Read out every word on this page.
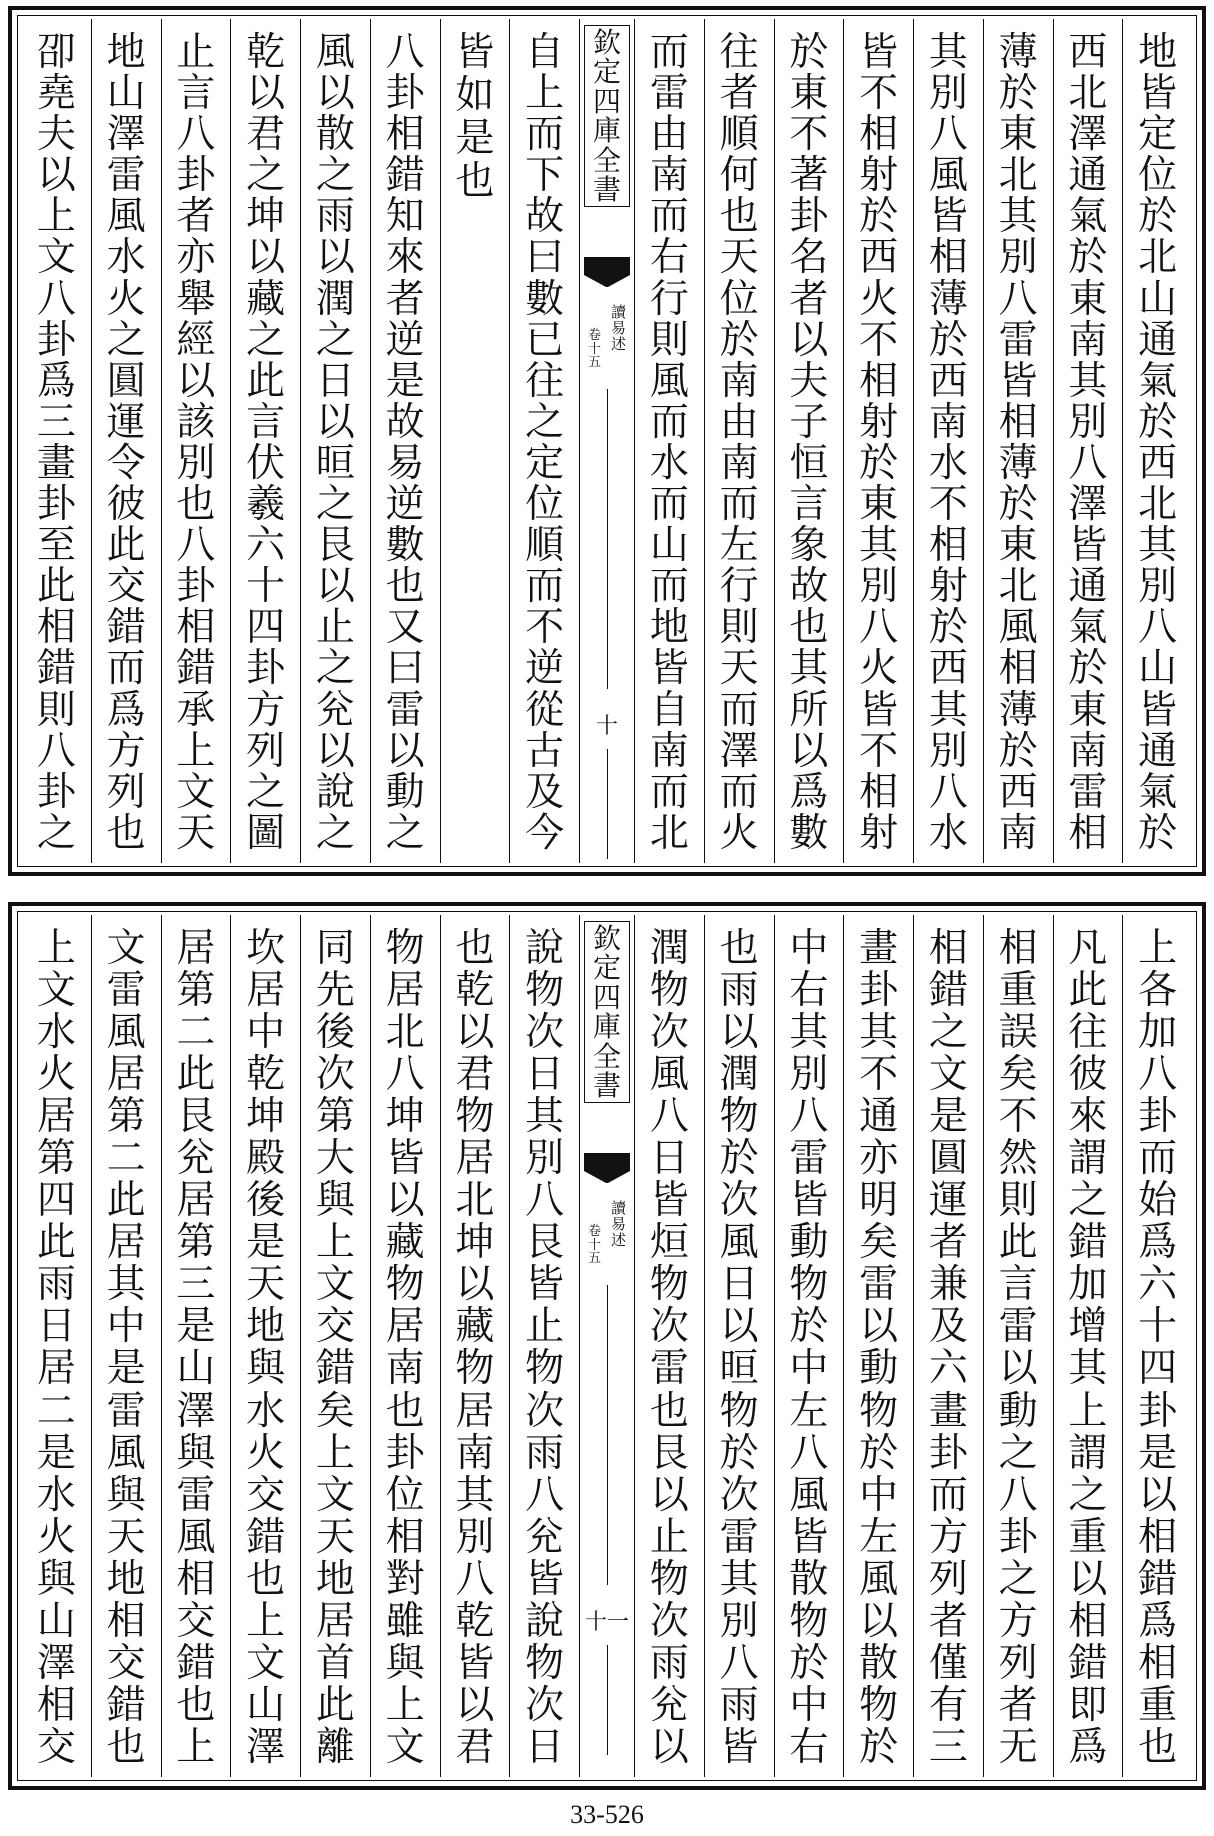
地
皆
定
位
於
北
山
通
氣
於
西
北
其
別
八
山
皆
通
氣
於
西
北
澤
通
氣
於
東
南
其
別
八
澤
皆
通
氣
於
東
南
雷
相
薄
於
東
北
其
別
八
雷
皆
相
薄
於
東
北
風
相
薄
於
西
南
其
別
八
風
皆
相
薄
於
西
南
水
不
相
射
於
西
其
別
八
水
皆
不
相
射
於
西
火
不
相
射
於
東
其
別
八
火
皆
不
相
射
於
東
不
著
卦
名
者
以
夫
子
恒
言
象
故
也
其
所
以
爲
數
往
者
順
何
也
天
位
於
南
由
南
而
左
行
則
天
而
澤
而
火
而
雷
由
南
而
右
行
則
風
而
水
而
山
而
地
皆
自
南
而
北
欽
定
四
庫
全
書
讀
易
述
卷
十
五
十
自
上
而
下
故
曰
數
已
往
之
定
位
順
而
不
逆
從
古
及
今
皆
如
是
也
八
卦
相
錯
知
來
者
逆
是
故
易
逆
數
也
又
曰
雷
以
動
之
風
以
散
之
雨
以
潤
之
日
以
晅
之
艮
以
止
之
兊
以
說
之
乾
以
君
之
坤
以
藏
之
此
言
伏
羲
六
十
四
卦
方
列
之
圖
止
言
八
卦
者
亦
舉
經
以
該
別
也
八
卦
相
錯
承
上
文
天
地
山
澤
雷
風
水
火
之
圓
運
令
彼
此
交
錯
而
爲
方
列
也
卲
堯
夫
以
上
文
八
卦
爲
三
畫
卦
至
此
相
錯
則
八
卦
之
上
各
加
八
卦
而
始
爲
六
十
四
卦
是
以
相
錯
爲
相
重
也
凡
此
往
彼
來
謂
之
錯
加
增
其
上
謂
之
重
以
相
錯
即
爲
相
重
誤
矣
不
然
則
此
言
雷
以
動
之
八
卦
之
方
列
者
无
相
錯
之
文
是
圓
運
者
兼
及
六
畫
卦
而
方
列
者
僅
有
三
畫
卦
其
不
通
亦
明
矣
雷
以
動
物
於
中
左
風
以
散
物
於
中
右
其
別
八
雷
皆
動
物
於
中
左
八
風
皆
散
物
於
中
右
也
雨
以
潤
物
於
次
風
日
以
晅
物
於
次
雷
其
別
八
雨
皆
潤
物
次
風
八
日
皆
烜
物
次
雷
也
艮
以
止
物
次
雨
兊
以
欽
定
四
庫
全
書
讀
易
述
卷
十
五
十一
說
物
次
日
其
別
八
艮
皆
止
物
次
雨
八
兊
皆
說
物
次
日
也
乾
以
君
物
居
北
坤
以
藏
物
居
南
其
別
八
乾
皆
以
君
物
居
北
八
坤
皆
以
藏
物
居
南
也
卦
位
相
對
雖
與
上
文
同
先
後
次
第
大
與
上
文
交
錯
矣
上
文
天
地
居
首
此
離
坎
居
中
乾
坤
殿
後
是
天
地
與
水
火
交
錯
也
上
文
山
澤
居
第
二
此
艮
兊
居
第
三
是
山
澤
與
雷
風
相
交
錯
也
上
文
雷
風
居
第
二
此
居
其
中
是
雷
風
與
天
地
相
交
錯
也
上
文
水
火
居
第
四
此
雨
日
居
二
是
水
火
與
山
澤
相
交
33-526
